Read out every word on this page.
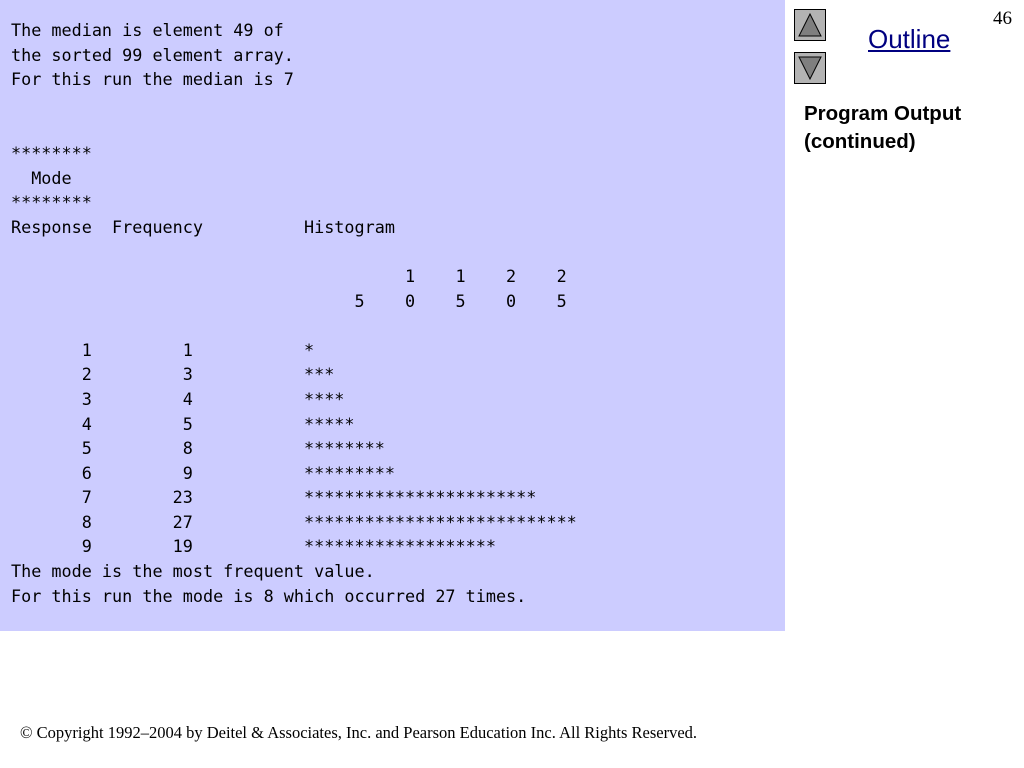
The median is element 49 of
the sorted 99 element array.
For this run the median is 7

********
Mode
********
Response  Frequency          Histogram

1    1    2    2
5    0    5    0    5

1         1           *
2         3           ***
3         4           ****
4         5           *****
5         8           ********
6         9           *********
7        23           ***********************
8        27           ***************************
9        19           *******************
The mode is the most frequent value.
For this run the mode is 8 which occurred 27 times.
Outline
46
Program Output
(continued)
© Copyright 1992–2004 by Deitel & Associates, Inc. and Pearson Education Inc. All Rights Reserved.
